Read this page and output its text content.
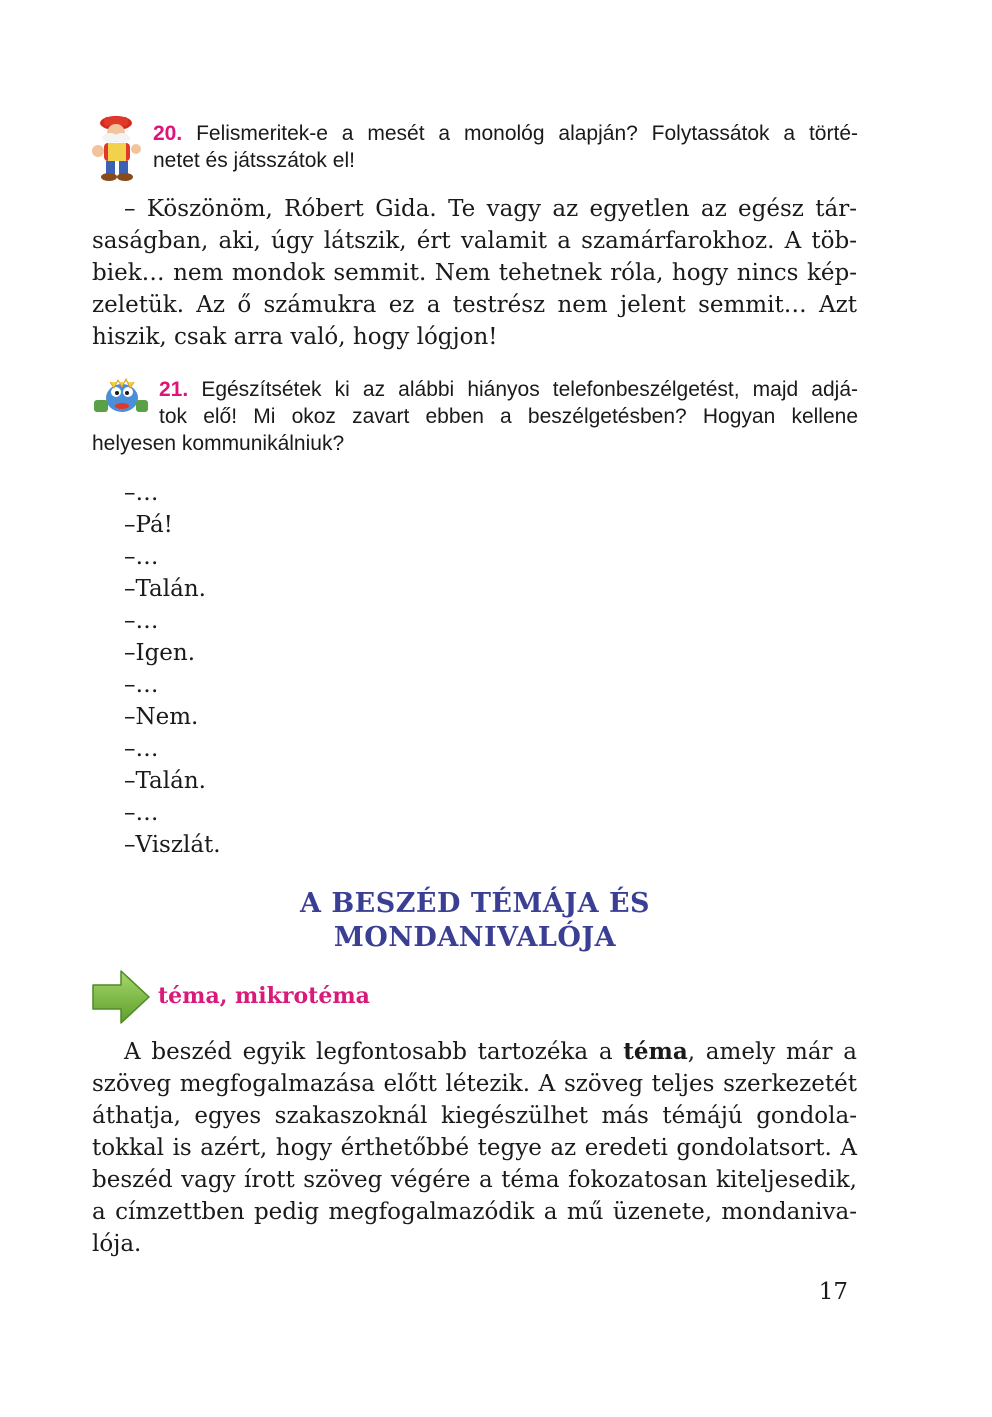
20. Felismeritek-e a mesét a monológ alapján? Folytassátok a törté-
netet és játsszátok el!
– Köszönöm, Róbert Gida. Te vagy az egyetlen az egész tár-
saságban, aki, úgy látszik, ért valamit a szamárfarokhoz. A töb-
biek… nem mondok semmit. Nem tehetnek róla, hogy nincs kép-
zeletük. Az ő számukra ez a testrész nem jelent semmit… Azt
hiszik, csak arra való, hogy lógjon!
21. Egészítsétek ki az alábbi hiányos telefonbeszélgetést, majd adjá-
tok elő! Mi okoz zavart ebben a beszélgetésben? Hogyan kellene
helyesen kommunikálniuk?
–…
–Pá!
–…
–Talán.
–…
–Igen.
–…
–Nem.
–…
–Talán.
–…
–Viszlát.
A BESZÉD TÉMÁJA ÉS
MONDANIVALÓJA
téma, mikrotéma
A beszéd egyik legfontosabb tartozéka a téma, amely már a
szöveg megfogalmazása előtt létezik. A szöveg teljes szerkezetét
áthatja, egyes szakaszoknál kiegészülhet más témájú gondola-
tokkal is azért, hogy érthetőbbé tegye az eredeti gondolatsort. A
beszéd vagy írott szöveg végére a téma fokozatosan kiteljesedik,
a címzettben pedig megfogalmazódik a mű üzenete, mondaniva-
lója.
17
